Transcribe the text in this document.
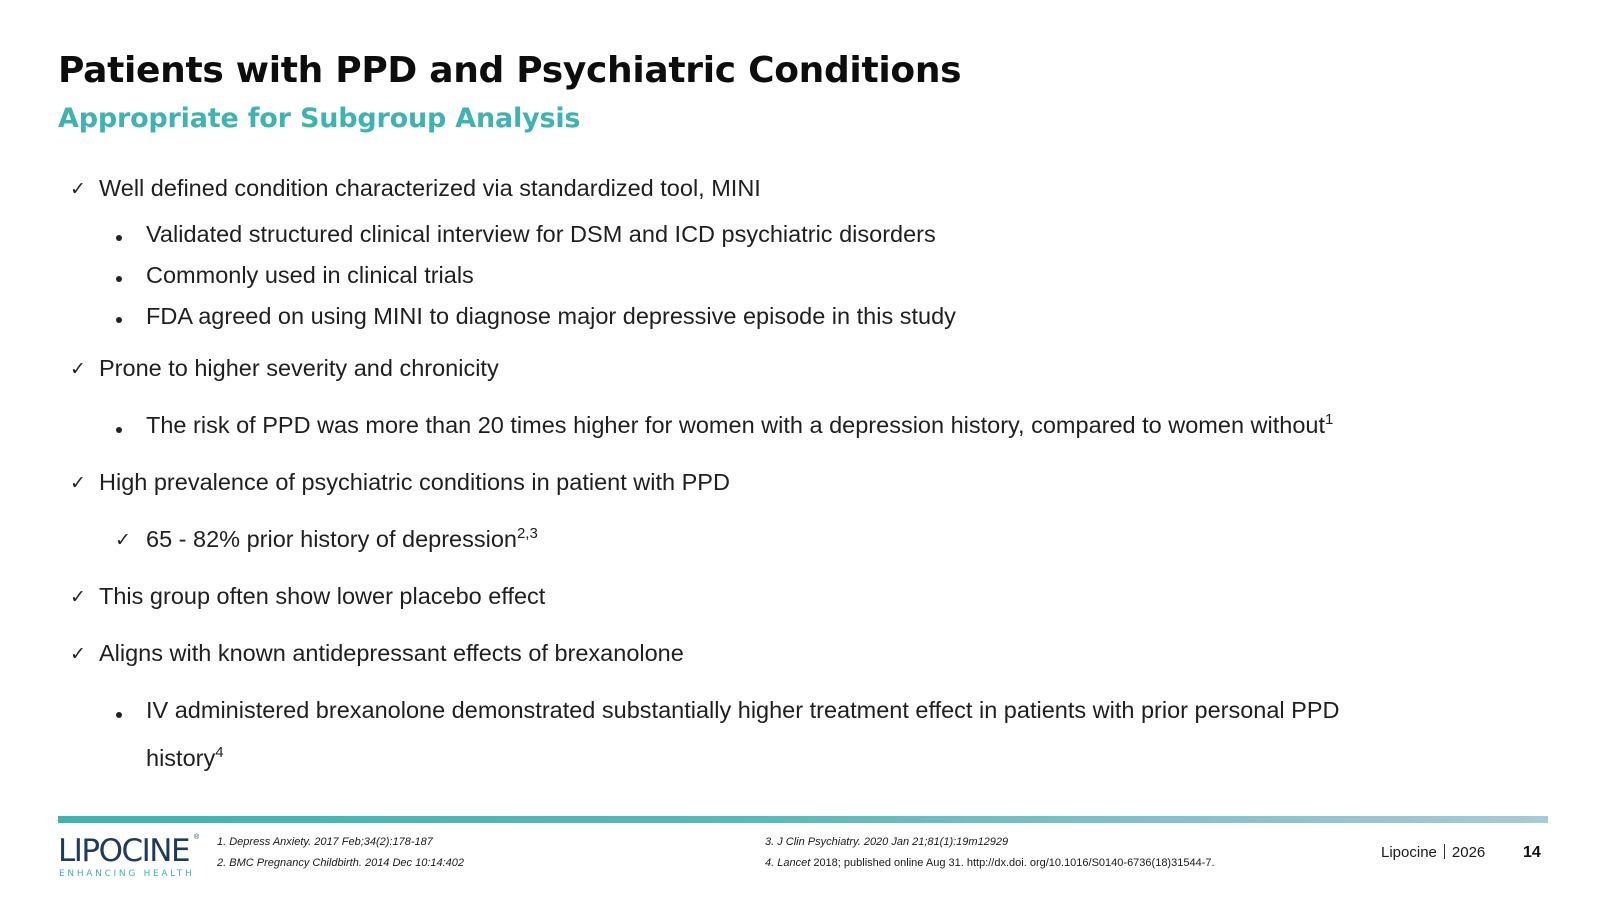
Patients with PPD and Psychiatric Conditions
Appropriate for Subgroup Analysis
✓ Well defined condition characterized via standardized tool, MINI
Validated structured clinical interview for DSM and ICD psychiatric disorders
Commonly used in clinical trials
FDA agreed on using MINI to diagnose major depressive episode in this study
✓ Prone to higher severity and chronicity
The risk of PPD was more than 20 times higher for women with a depression history, compared to women without$^1$
✓ High prevalence of psychiatric conditions in patient with PPD
✓ 65 - 82% prior history of depression$^{2,3}$
✓ This group often show lower placebo effect
✓ Aligns with known antidepressant effects of brexanolone
IV administered brexanolone demonstrated substantially higher treatment effect in patients with prior personal PPD
history$^4$
LIPOCINE ®
ENHANCING HEALTH
1. Depress Anxiety. 2017 Feb;34(2):178-187
2. BMC Pregnancy Childbirth. 2014 Dec 10:14:402
3. J Clin Psychiatry. 2020 Jan 21;81(1):19m12929
4. Lancet 2018; published online Aug 31. http://dx.doi. org/10.1016/S0140-6736(18)31544-7.
Lipocine 2026 14
